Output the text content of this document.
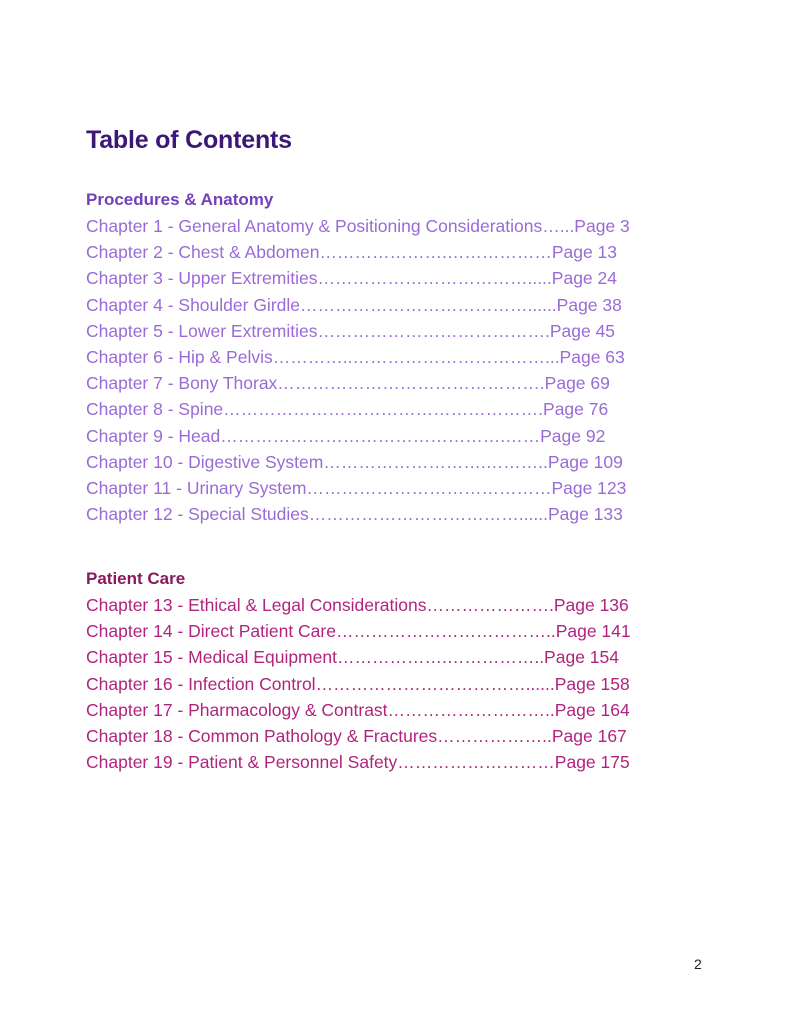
Table of Contents
Procedures & Anatomy
Chapter 1 - General Anatomy & Positioning Considerations…...Page 3
Chapter 2 - Chest & Abdomen………………….………………Page 13
Chapter 3 - Upper Extremities……………………………….....Page 24
Chapter 4 - Shoulder Girdle…………………………………......Page 38
Chapter 5 - Lower Extremities………………………………….Page 45
Chapter 6 - Hip & Pelvis…………..……………………………...Page 63
Chapter 7 - Bony Thorax……………………………………….Page 69
Chapter 8 - Spine……………………………………………….Page 76
Chapter 9 - Head………………………………………….……Page 92
Chapter 10 - Digestive System……………………….………..Page 109
Chapter 11 - Urinary System……………………………………Page 123
Chapter 12 - Special Studies………………………………......Page 133
Patient Care
Chapter 13 - Ethical & Legal Considerations………………….Page 136
Chapter 14 - Direct Patient Care………………………………..Page 141
Chapter 15 - Medical Equipment……………….……………..Page 154
Chapter 16 - Infection Control………………………………......Page 158
Chapter 17 - Pharmacology & Contrast………………………..Page 164
Chapter 18 - Common Pathology & Fractures………………..Page 167
Chapter 19 - Patient & Personnel Safety………………………Page 175
2
